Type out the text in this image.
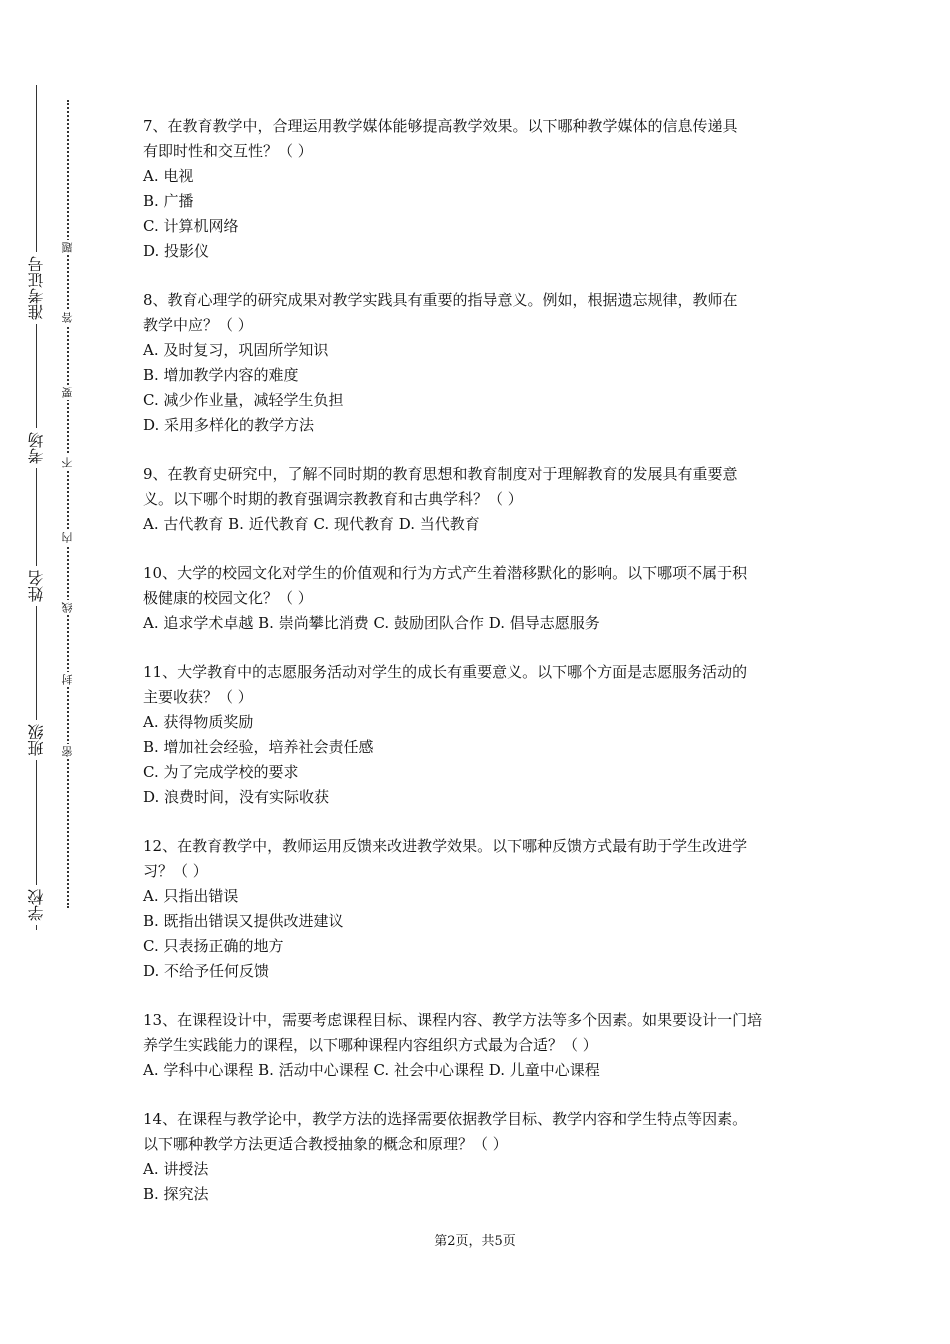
准考证号
考场
姓名
班级
学校
题
答
要
不
内
线
封
密
7、在教育教学中，合理运用教学媒体能够提高教学效果。以下哪种教学媒体的信息传递具
有即时性和交互性？（ ）
A. 电视
B. 广播
C. 计算机网络
D. 投影仪
8、教育心理学的研究成果对教学实践具有重要的指导意义。例如，根据遗忘规律，教师在
教学中应？（ ）
A. 及时复习，巩固所学知识
B. 增加教学内容的难度
C. 减少作业量，减轻学生负担
D. 采用多样化的教学方法
9、在教育史研究中，了解不同时期的教育思想和教育制度对于理解教育的发展具有重要意
义。以下哪个时期的教育强调宗教教育和古典学科？（ ）
A. 古代教育 B. 近代教育 C. 现代教育 D. 当代教育
10、大学的校园文化对学生的价值观和行为方式产生着潜移默化的影响。以下哪项不属于积
极健康的校园文化？（ ）
A. 追求学术卓越 B. 崇尚攀比消费 C. 鼓励团队合作 D. 倡导志愿服务
11、大学教育中的志愿服务活动对学生的成长有重要意义。以下哪个方面是志愿服务活动的
主要收获？（ ）
A. 获得物质奖励
B. 增加社会经验，培养社会责任感
C. 为了完成学校的要求
D. 浪费时间，没有实际收获
12、在教育教学中，教师运用反馈来改进教学效果。以下哪种反馈方式最有助于学生改进学
习？（ ）
A. 只指出错误
B. 既指出错误又提供改进建议
C. 只表扬正确的地方
D. 不给予任何反馈
13、在课程设计中，需要考虑课程目标、课程内容、教学方法等多个因素。如果要设计一门培
养学生实践能力的课程，以下哪种课程内容组织方式最为合适？（ ）
A. 学科中心课程 B. 活动中心课程 C. 社会中心课程 D. 儿童中心课程
14、在课程与教学论中，教学方法的选择需要依据教学目标、教学内容和学生特点等因素。
以下哪种教学方法更适合教授抽象的概念和原理？（ ）
A. 讲授法
B. 探究法
第2页，共5页
